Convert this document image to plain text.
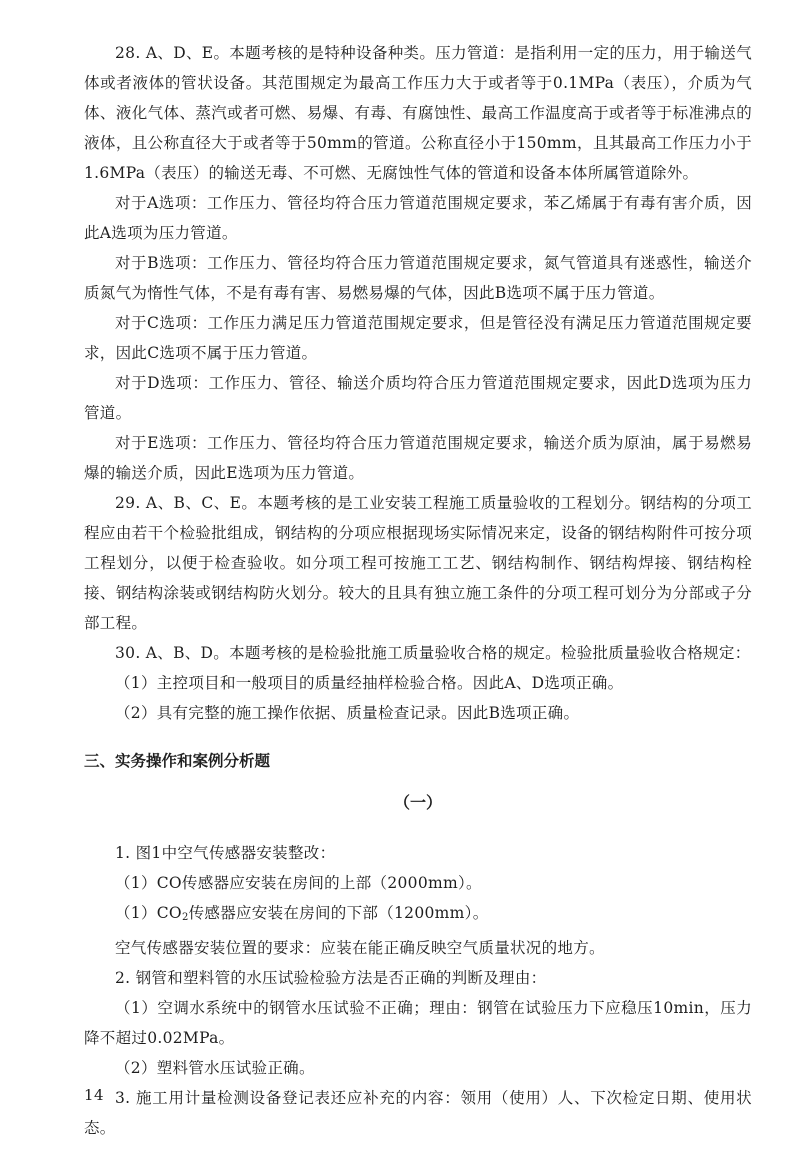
28. A、D、E。本题考核的是特种设备种类。压力管道：是指利用一定的压力，用于输送气体或者液体的管状设备。其范围规定为最高工作压力大于或者等于0.1MPa（表压），介质为气体、液化气体、蒸汽或者可燃、易爆、有毒、有腐蚀性、最高工作温度高于或者等于标准沸点的液体，且公称直径大于或者等于50mm的管道。公称直径小于150mm，且其最高工作压力小于1.6MPa（表压）的输送无毒、不可燃、无腐蚀性气体的管道和设备本体所属管道除外。

对于A选项：工作压力、管径均符合压力管道范围规定要求，苯乙烯属于有毒有害介质，因此A选项为压力管道。

对于B选项：工作压力、管径均符合压力管道范围规定要求，氮气管道具有迷惑性，输送介质氮气为惰性气体，不是有毒有害、易燃易爆的气体，因此B选项不属于压力管道。

对于C选项：工作压力满足压力管道范围规定要求，但是管径没有满足压力管道范围规定要求，因此C选项不属于压力管道。

对于D选项：工作压力、管径、输送介质均符合压力管道范围规定要求，因此D选项为压力管道。

对于E选项：工作压力、管径均符合压力管道范围规定要求，输送介质为原油，属于易燃易爆的输送介质，因此E选项为压力管道。

29. A、B、C、E。本题考核的是工业安装工程施工质量验收的工程划分。钢结构的分项工程应由若干个检验批组成，钢结构的分项应根据现场实际情况来定，设备的钢结构附件可按分项工程划分，以便于检查验收。如分项工程可按施工工艺、钢结构制作、钢结构焊接、钢结构栓接、钢结构涂装或钢结构防火划分。较大的且具有独立施工条件的分项工程可划分为分部或子分部工程。

30. A、B、D。本题考核的是检验批施工质量验收合格的规定。检验批质量验收合格规定：

（1）主控项目和一般项目的质量经抽样检验合格。因此A、D选项正确。

（2）具有完整的施工操作依据、质量检查记录。因此B选项正确。

三、实务操作和案例分析题
（一）

1. 图1中空气传感器安装整改：

（1）CO传感器应安装在房间的上部（2000mm）。

$(1)CO_2$传感器应安装在房间的下部（1200mm）。

空气传感器安装位置的要求：应装在能正确反映空气质量状况的地方。

2. 钢管和塑料管的水压试验检验方法是否正确的判断及理由：

（1）空调水系统中的钢管水压试验不正确；理由：钢管在试验压力下应稳压10min，压力降不超过0.02MPa。

（2）塑料管水压试验正确。

3. 施工用计量检测设备登记表还应补充的内容：领用（使用）人、下次检定日期、使用状态。

14
